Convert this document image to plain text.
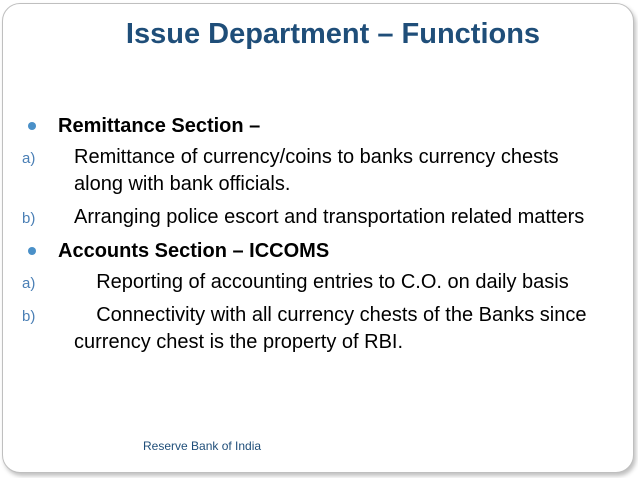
Issue Department – Functions
Remittance Section –
a) Remittance of currency/coins to banks currency chests along with bank officials.
b) Arranging police escort and transportation related matters
Accounts Section – ICCOMS
a) Reporting of accounting entries to C.O. on daily basis
b) Connectivity with all currency chests of the Banks since currency chest is the property of RBI.
Reserve Bank of India
